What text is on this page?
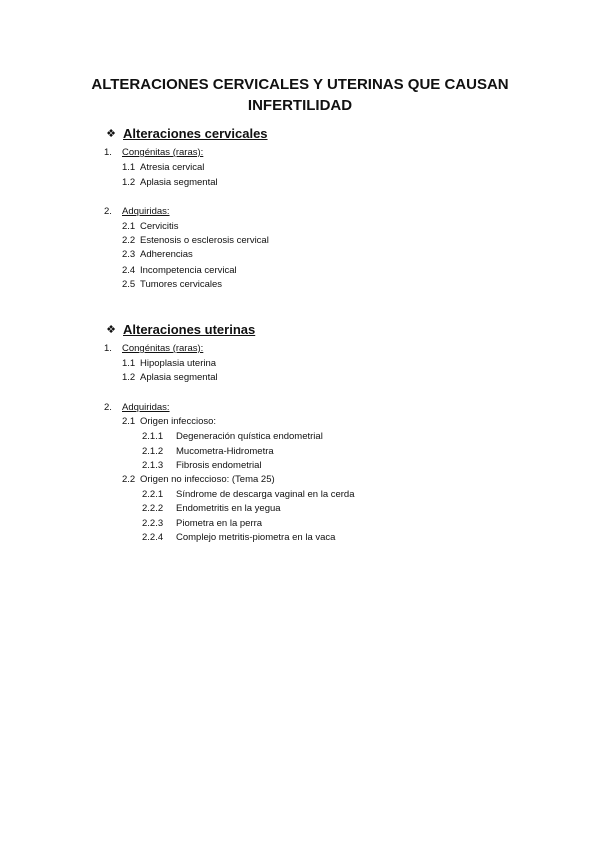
ALTERACIONES CERVICALES Y UTERINAS QUE CAUSAN
INFERTILIDAD
❖ Alteraciones cervicales
1. Congénitas (raras):
1.1 Atresia cervical
1.2 Aplasia segmental
2. Adquiridas:
2.1 Cervicitis
2.2 Estenosis o esclerosis cervical
2.3 Adherencias
2.4 Incompetencia cervical
2.5 Tumores cervicales
❖ Alteraciones uterinas
1. Congénitas (raras):
1.1 Hipoplasia uterina
1.2 Aplasia segmental
2. Adquiridas:
2.1 Origen infeccioso:
2.1.1 Degeneración quística endometrial
2.1.2 Mucometra-Hidrometra
2.1.3 Fibrosis endometrial
2.2 Origen no infeccioso: (Tema 25)
2.2.1 Síndrome de descarga vaginal en la cerda
2.2.2 Endometritis en la yegua
2.2.3 Piometra en la perra
2.2.4 Complejo metritis-piometra en la vaca
